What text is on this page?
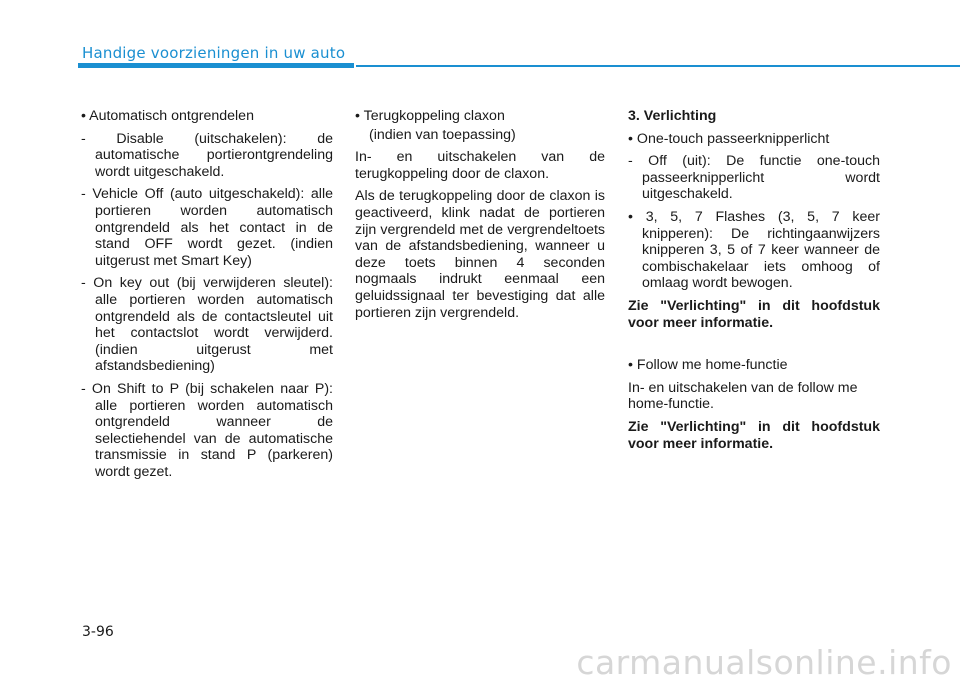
Handige voorzieningen in uw auto

• Automatisch ontgrendelen

- Disable (uitschakelen): de automatische portierontgrendeling wordt uitgeschakeld.

- Vehicle Off (auto uitgeschakeld): alle portieren worden automatisch ontgrendeld als het contact in de stand OFF wordt gezet. (indien uitgerust met Smart Key)

- On key out (bij verwijderen sleutel): alle portieren worden automatisch ontgrendeld als de contactsleutel uit het contactslot wordt verwijderd. (indien uitgerust met afstandsbediening)

- On Shift to P (bij schakelen naar P): alle portieren worden automatisch ontgrendeld wanneer de selectiehendel van de automatische transmissie in stand P (parkeren) wordt gezet.

• Terugkoppeling claxon

(indien van toepassing)

In- en uitschakelen van de terugkoppeling door de claxon.

Als de terugkoppeling door de claxon is geactiveerd, klink nadat de portieren zijn vergrendeld met de vergrendeltoets van de afstandsbediening, wanneer u deze toets binnen 4 seconden nogmaals indrukt eenmaal een geluidssignaal ter bevestiging dat alle portieren zijn vergrendeld.

3. Verlichting

• One-touch passeerknipperlicht

- Off (uit): De functie one-touch passeerknipperlicht wordt uitgeschakeld.

• 3, 5, 7 Flashes (3, 5, 7 keer knipperen): De richtingaanwijzers knipperen 3, 5 of 7 keer wanneer de combischakelaar iets omhoog of omlaag wordt bewogen.

Zie "Verlichting" in dit hoofdstuk voor meer informatie.

• Follow me home-functie

In- en uitschakelen van de follow me home-functie.

Zie "Verlichting" in dit hoofdstuk voor meer informatie.

3-96
carmanualsonline.info
